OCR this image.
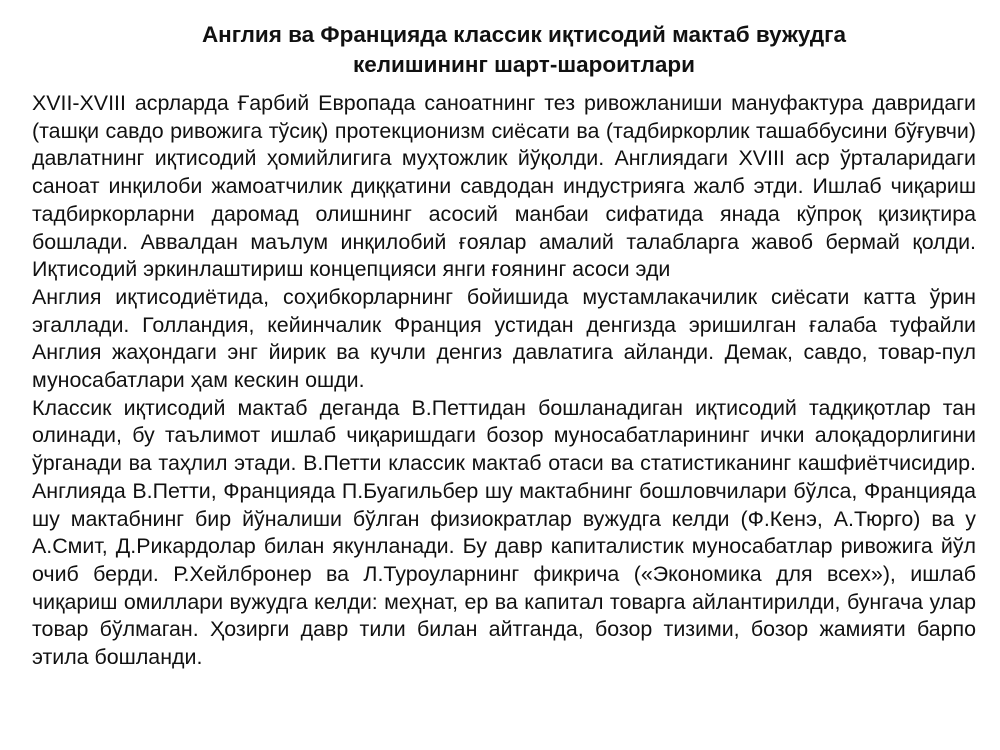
Англия ва Францияда классик иқтисодий мактаб вужудга
келишининг шарт-шароитлари

XVII-XVIII асрларда Ғарбий Европада саноатнинг тез ривожланиши мануфактура давридаги (ташқи савдо ривожига тўсиқ) протекционизм сиёсати ва (тадбиркорлик ташаббусини бўғувчи) давлатнинг иқтисодий ҳомийлигига муҳтожлик йўқолди. Англиядаги XVIII аср ўрталаридаги саноат инқилоби жамоатчилик диққатини савдодан индустрияга жалб этди. Ишлаб чиқариш тадбиркорларни даромад олишнинг асосий манбаи сифатида янада кўпроқ қизиқтира бошлади. Аввалдан маълум инқилобий ғоялар амалий талабларга жавоб бермай қолди. Иқтисодий эркинлаштириш концепцияси янги ғоянинг асоси эди

Англия иқтисодиётида, соҳибкорларнинг бойишида мустамлакачилик сиёсати катта ўрин эгаллади. Голландия, кейинчалик Франция устидан денгизда эришилган ғалаба туфайли Англия жаҳондаги энг йирик ва кучли денгиз давлатига айланди. Демак, савдо, товар-пул муносабатлари ҳам кескин ошди.

Классик иқтисодий мактаб деганда В.Петтидан бошланадиган иқтисодий тадқиқотлар тан олинади, бу таълимот ишлаб чиқаришдаги бозор муносабатларининг ички алоқадорлигини ўрганади ва таҳлил этади. В.Петти классик мактаб отаси ва статистиканинг кашфиётчисидир. Англияда В.Петти, Францияда П.Буагильбер шу мактабнинг бошловчилари бўлса, Францияда шу мактабнинг бир йўналиши бўлган физиократлар вужудга келди (Ф.Кенэ, А.Тюрго) ва у А.Смит, Д.Рикардолар билан якунланади. Бу давр капиталистик муносабатлар ривожига йўл очиб берди. Р.Хейлбронер ва Л.Туроуларнинг фикрича («Экономика для всех»), ишлаб чиқариш омиллари вужудга келди: меҳнат, ер ва капитал товарга айлантирилди, бунгача улар товар бўлмаган. Ҳозирги давр тили билан айтганда, бозор тизими, бозор жамияти барпо этила бошланди.
